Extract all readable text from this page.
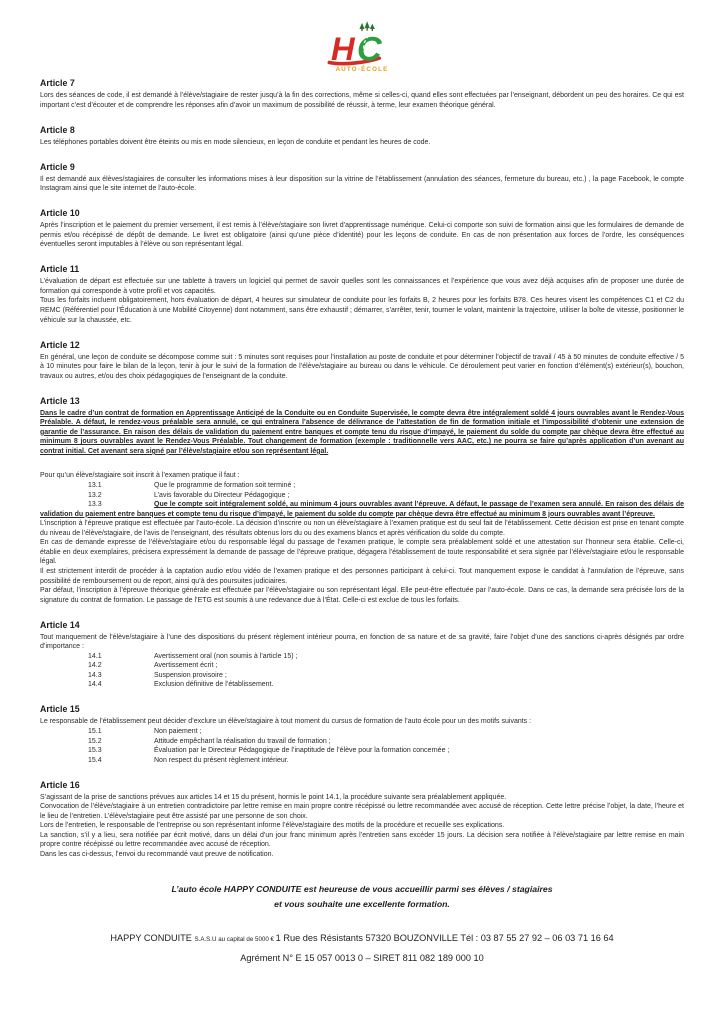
H C
AUTO-ÉCOLE
Article 7

Lors des séances de code, il est demandé à l’élève/stagiaire de rester jusqu’à la fin des corrections, même si celles-ci, quand elles sont effectuées par l’enseignant, débordent un peu des horaires. Ce qui est important c’est d’écouter et de comprendre les réponses afin d’avoir un maximum de possibilité de réussir, à terme, leur examen théorique général.

Article 8

Les téléphones portables doivent être éteints ou mis en mode silencieux, en leçon de conduite et pendant les heures de code.

Article 9

Il est demandé aux élèves/stagiaires de consulter les informations mises à leur disposition sur la vitrine de l’établissement (annulation des séances, fermeture du bureau, etc.) , la page Facebook, le compte Instagram ainsi que le site internet de l’auto-école.

Article 10

Après l’inscription et le paiement du premier versement, il est remis à l’élève/stagiaire son livret d’apprentissage numérique. Celui-ci comporte son suivi de formation ainsi que les formulaires de demande de permis et/ou récépissé de dépôt de demande. Le livret est obligatoire (ainsi qu’une pièce d’identité) pour les leçons de conduite. En cas de non présentation aux forces de l’ordre, les conséquences éventuelles seront imputables à l’élève ou son représentant légal.

Article 11

L’évaluation de départ est effectuée sur une tablette à travers un logiciel qui permet de savoir quelles sont les connaissances et l’expérience que vous avez déjà acquises afin de proposer une durée de formation qui corresponde à votre profil et vos capacités.

Tous les forfaits incluent obligatoirement, hors évaluation de départ, 4 heures sur simulateur de conduite pour les forfaits B, 2 heures pour les forfaits B78. Ces heures visent les compétences C1 et C2 du REMC (Référentiel pour l’Éducation à une Mobilité Citoyenne) dont notamment, sans être exhaustif ; démarrer, s’arrêter, tenir, tourner le volant, maintenir la trajectoire, utiliser la boîte de vitesse, positionner le véhicule sur la chaussée, etc.

Article 12

En général, une leçon de conduite se décompose comme suit : 5 minutes sont requises pour l’installation au poste de conduite et pour déterminer l’objectif de travail / 45 à 50 minutes de conduite effective / 5 à 10 minutes pour faire le bilan de la leçon, tenir à jour le suivi de la formation de l’élève/stagiaire au bureau ou dans le véhicule. Ce déroulement peut varier en fonction d’élément(s) extérieur(s), bouchon, travaux ou autres, et/ou des choix pédagogiques de l’enseignant de la conduite.

Article 13

Dans le cadre d’un contrat de formation en Apprentissage Anticipé de la Conduite ou en Conduite Supervisée, le compte devra être intégralement soldé 4 jours ouvrables avant le Rendez-Vous Préalable. A défaut, le rendez-vous préalable sera annulé, ce qui entraînera l’absence de délivrance de l’attestation de fin de formation initiale et l’impossibilité d’obtenir une extension de garantie de l’assurance. En raison des délais de validation du paiement entre banques et compte tenu du risque d’impayé, le paiement du solde du compte par chèque devra être effectué au minimum 8 jours ouvrables avant le Rendez-Vous Préalable. Tout changement de formation (exemple : traditionnelle vers AAC, etc.) ne pourra se faire qu’après application d’un avenant au contrat initial. Cet avenant sera signé par l’élève/stagiaire et/ou son représentant légal.

Pour qu’un élève/stagiaire soit inscrit à l’examen pratique il faut :

13.1	Que le programme de formation soit terminé ;

13.2	L’avis favorable du Directeur Pédagogique ;

13.3	Que le compte soit intégralement soldé, au minimum 4 jours ouvrables avant l’épreuve. A défaut, le passage de l’examen sera annulé. En raison des délais de validation du paiement entre banques et compte tenu du risque d’impayé, le paiement du solde du compte par chèque devra être effectué au minimum 8 jours ouvrables avant l’épreuve.

L’inscription à l’épreuve pratique est effectuée par l’auto-école. La décision d’inscrire ou non un élève/stagiaire à l’examen pratique est du seul fait de l’établissement. Cette décision est prise en tenant compte du niveau de l’élève/stagiaire, de l’avis de l’enseignant, des résultats obtenus lors du ou des examens blancs et après vérification du solde du compte.

En cas de demande expresse de l’élève/stagiaire et/ou du responsable légal du passage de l’examen pratique, le compte sera préalablement soldé et une attestation sur l’honneur sera établie. Celle-ci, établie en deux exemplaires, précisera expressément la demande de passage de l’épreuve pratique, dégagera l’établissement de toute responsabilité et sera signée par l’élève/stagiaire et/ou le responsable légal.

Il est strictement interdit de procéder à la captation audio et/ou vidéo de l’examen pratique et des personnes participant à celui-ci. Tout manquement expose le candidat à l’annulation de l’épreuve, sans possibilité de remboursement ou de report, ainsi qu’à des poursuites judiciaires.

Par défaut, l’inscription à l’épreuve théorique générale est effectuée par l’élève/stagiaire ou son représentant légal. Elle peut-être effectuée par l’auto-école. Dans ce cas, la demande sera précisée lors de la signature du contrat de formation. Le passage de l’ETG est soumis à une redevance due à l’État. Celle-ci est exclue de tous les forfaits.

Article 14

Tout manquement de l’élève/stagiaire à l’une des dispositions du présent règlement intérieur pourra, en fonction de sa nature et de sa gravité, faire l’objet d’une des sanctions ci-après désignés par ordre d’importance :

14.1	Avertissement oral (non soumis à l’article 15) ;

14.2	Avertissement écrit ;

14.3	Suspension provisoire ;

14.4	Exclusion définitive de l’établissement.

Article 15

Le responsable de l’établissement peut décider d’exclure un élève/stagiaire à tout moment du cursus de formation de l’auto école pour un des motifs suivants :

15.1	Non paiement ;

15.2	Attitude empêchant la réalisation du travail de formation ;

15.3	Évaluation par le Directeur Pédagogique de l’inaptitude de l’élève pour la formation concernée ;

15.4	Non respect du présent règlement intérieur.

Article 16

S’agissant de la prise de sanctions prévues aux articles 14 et 15 du présent, hormis le point 14.1, la procédure suivante sera préalablement appliquée.

Convocation de l’élève/stagiaire à un entretien contradictoire par lettre remise en main propre contre récépissé ou lettre recommandée avec accusé de réception. Cette lettre précise l’objet, la date, l’heure et le lieu de l’entretien. L’élève/stagiaire peut être assisté par une personne de son choix.

Lors de l’entretien, le responsable de l’entreprise ou son représentant informe l’élève/stagiaire des motifs de la procédure et recueille ses explications.

La sanction, s’il y a lieu, sera notifiée par écrit motivé, dans un délai d’un jour franc minimum après l’entretien sans excéder 15 jours. La décision sera notifiée à l’élève/stagiaire par lettre remise en main propre contre récépissé ou lettre recommandée avec accusé de réception.

Dans les cas ci-dessus, l’envoi du recommandé vaut preuve de notification.

L’auto école HAPPY CONDUITE est heureuse de vous accueillir parmi ses élèves / stagiaires
et vous souhaite une excellente formation.
HAPPY CONDUITE S.A.S.U au capital de 5000 € 1 Rue des Résistants 57320 BOUZONVILLE Tél : 03 87 55 27 92 – 06 03 71 16 64
Agrément N° E 15 057 0013 0 – SIRET 811 082 189 000 10
